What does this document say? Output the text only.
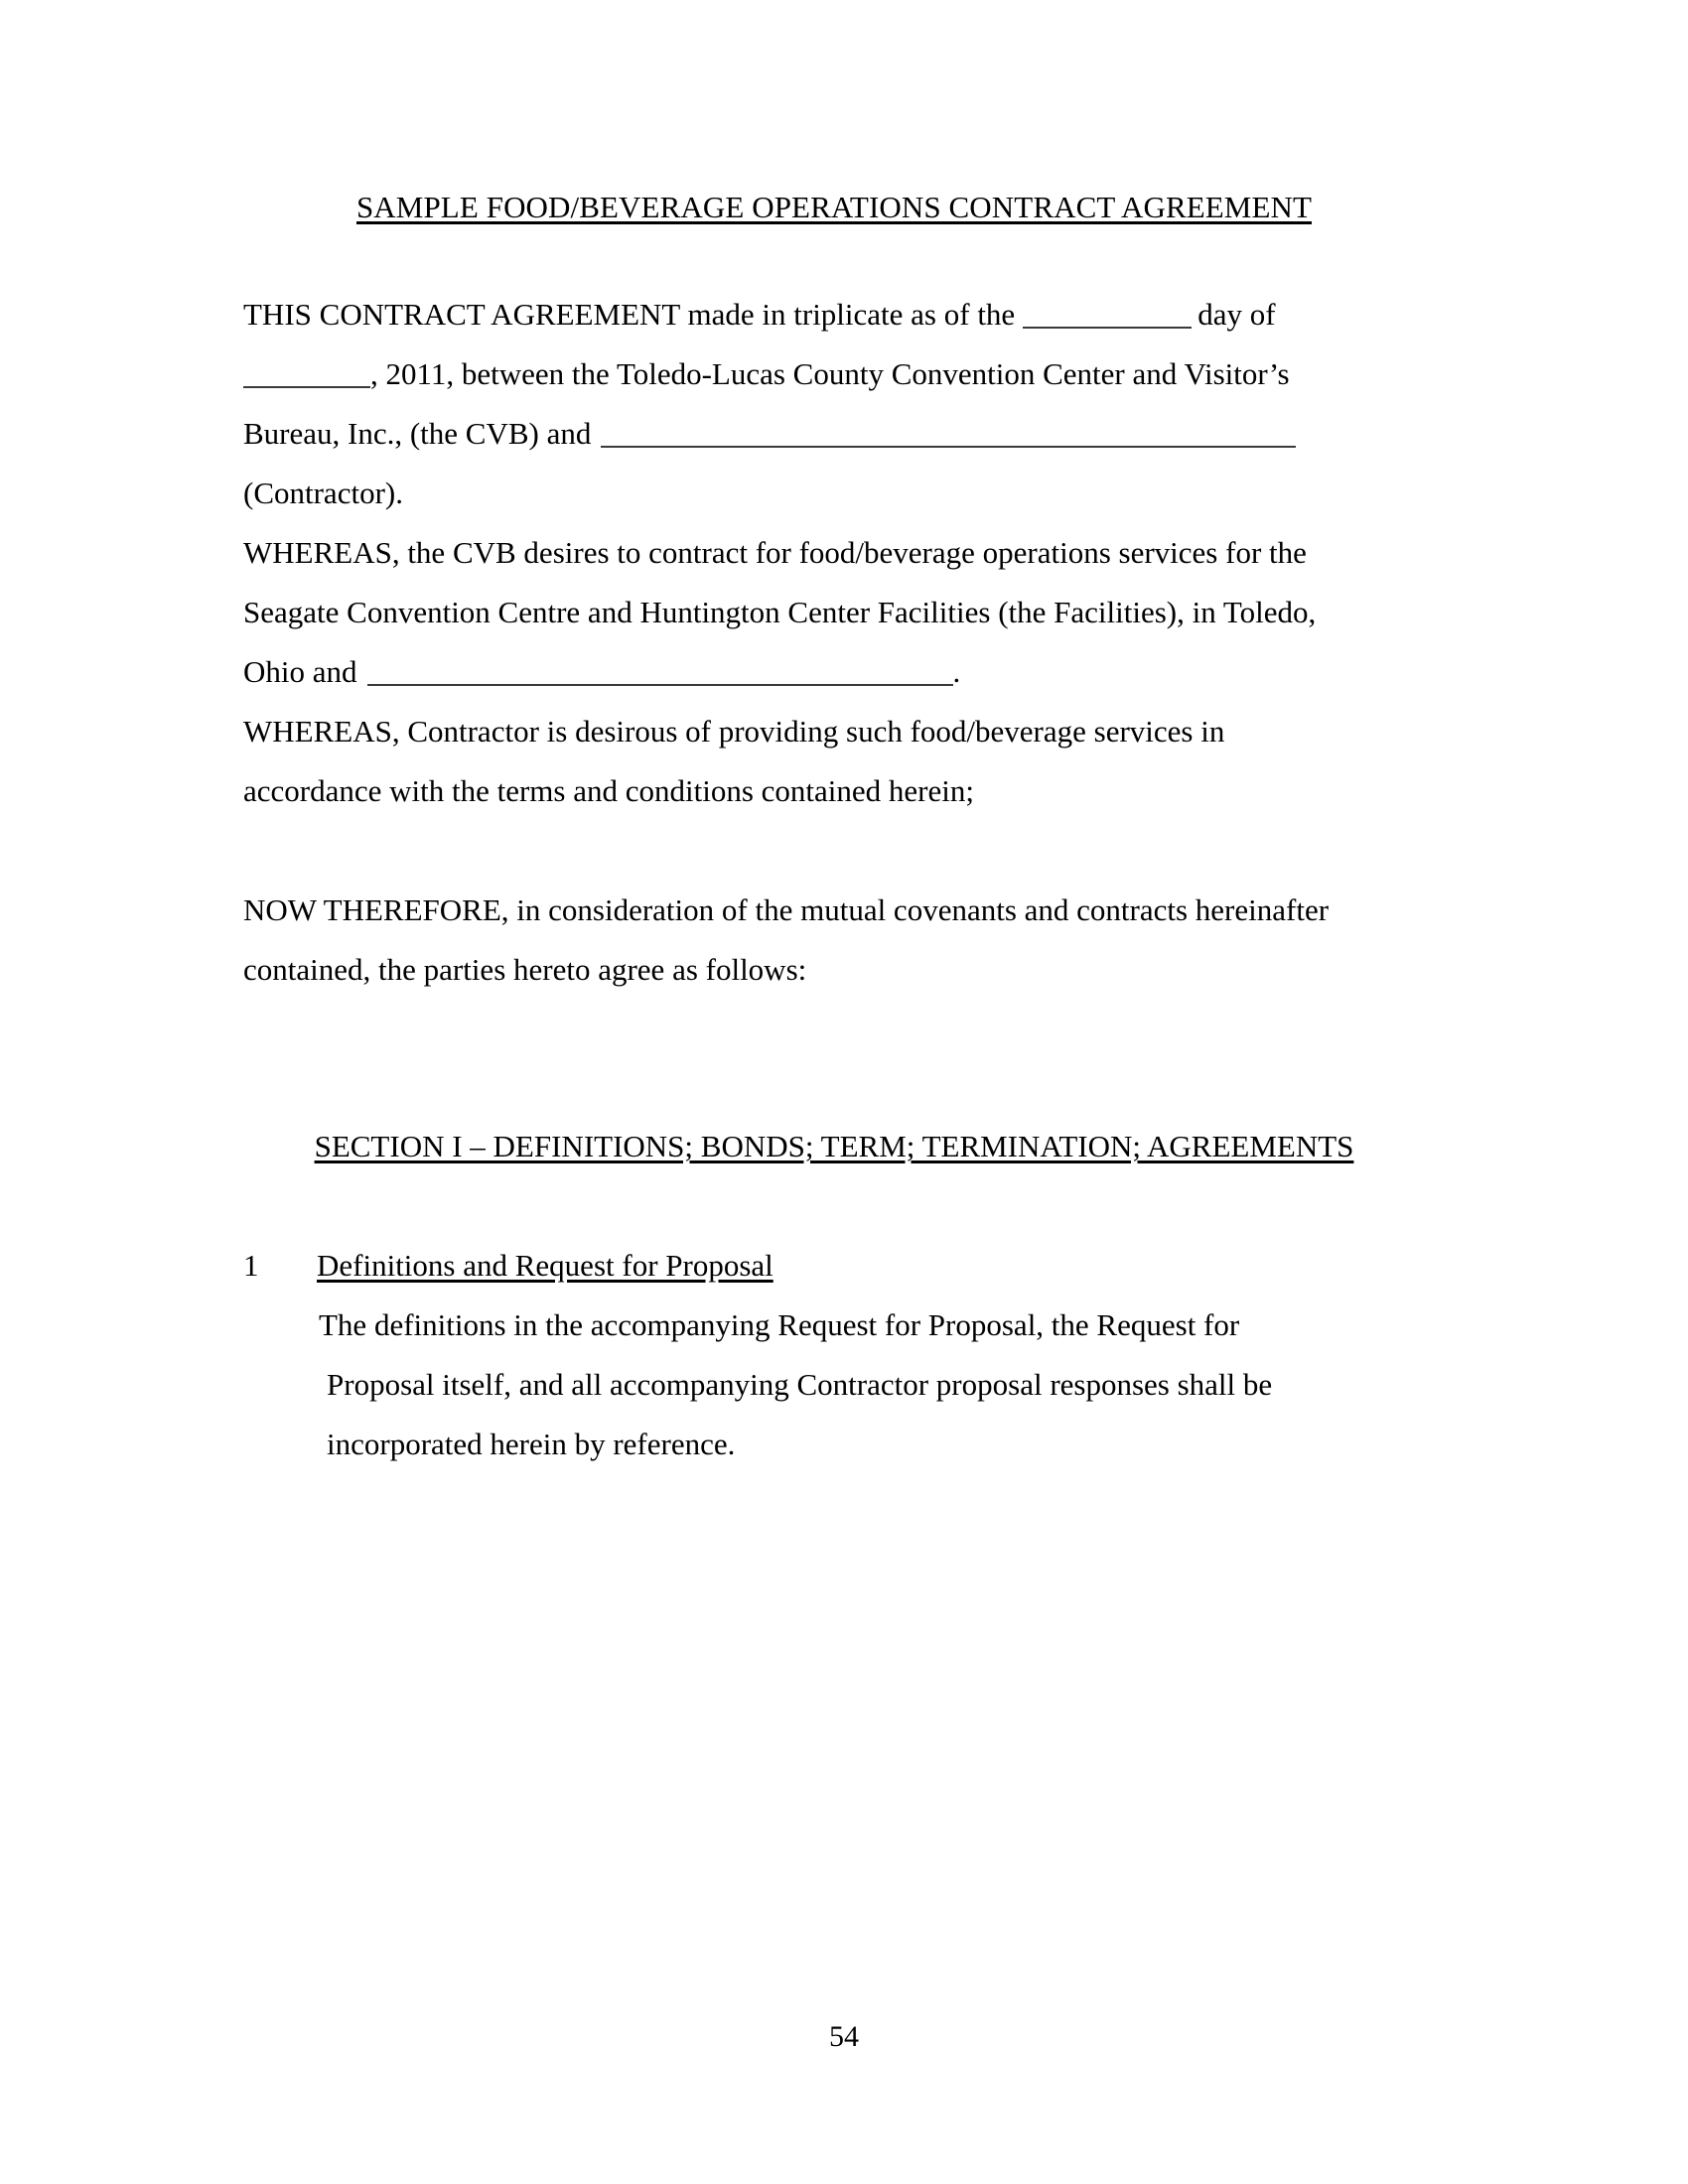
SAMPLE FOOD/BEVERAGE OPERATIONS CONTRACT AGREEMENT
THIS CONTRACT AGREEMENT made in triplicate as of the	day of
, 2011, between the Toledo-Lucas County Convention Center and Visitor’s
Bureau, Inc., (the CVB) and
(Contractor).
WHEREAS, the CVB desires to contract for food/beverage operations services for the
Seagate Convention Centre and Huntington Center Facilities (the Facilities), in Toledo,
Ohio and	.
WHEREAS, Contractor is desirous of providing such food/beverage services in
accordance with the terms and conditions contained herein;
NOW THEREFORE, in consideration of the mutual covenants and contracts hereinafter
contained, the parties hereto agree as follows:
SECTION I – DEFINITIONS; BONDS; TERM; TERMINATION; AGREEMENTS
1 Definitions and Request for Proposal
The definitions in the accompanying Request for Proposal, the Request for
Proposal itself, and all accompanying Contractor proposal responses shall be
incorporated herein by reference.
54
